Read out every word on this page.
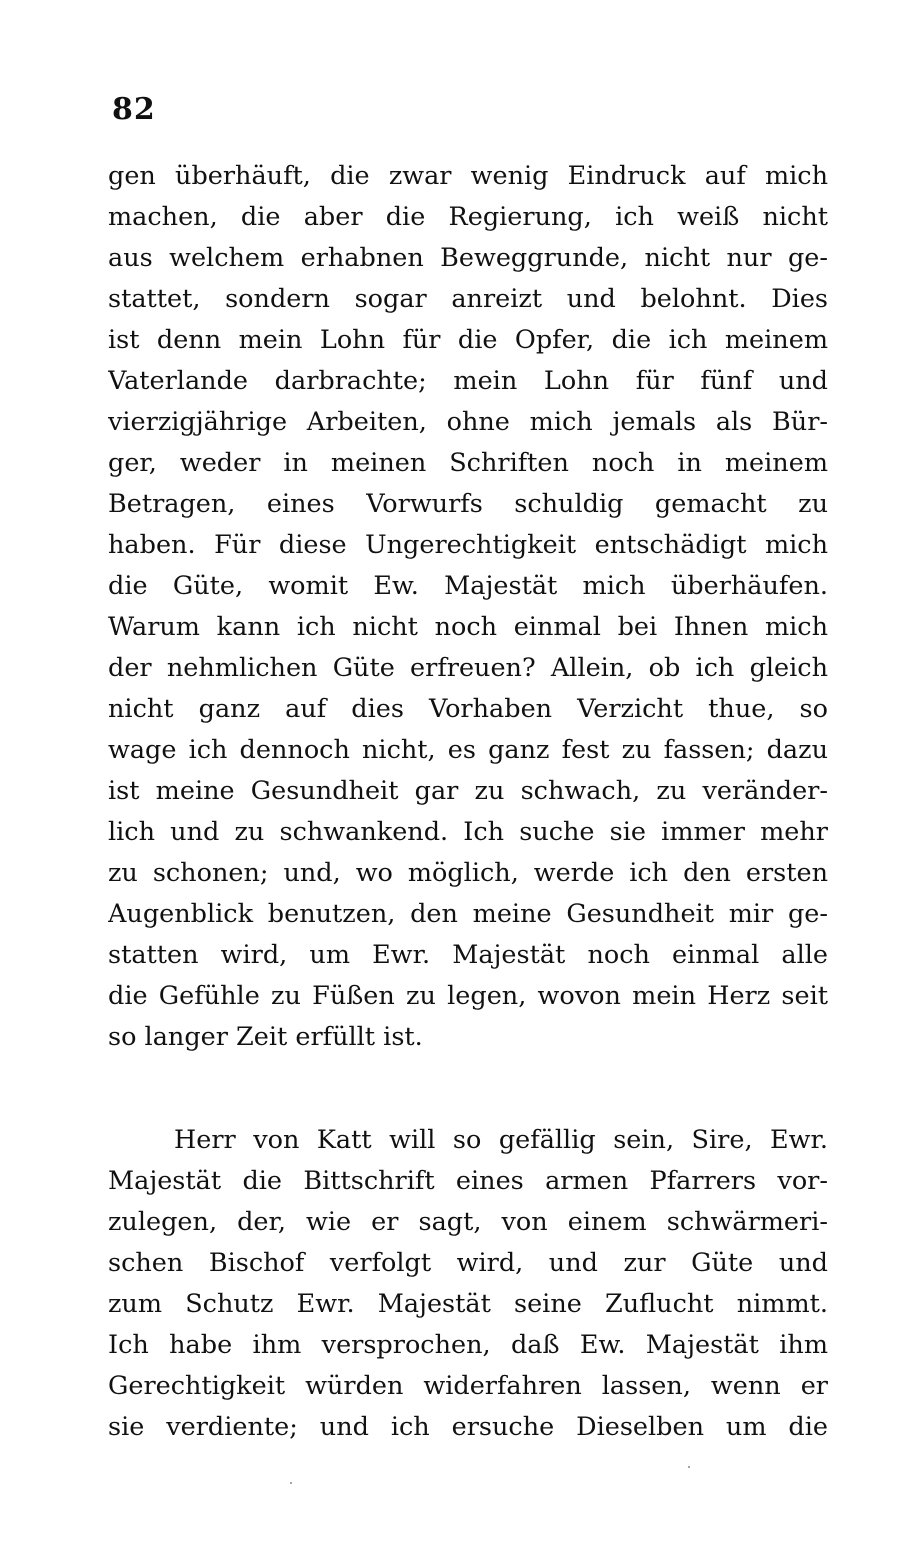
82
gen überhäuft, die zwar wenig Eindruck auf mich
machen, die aber die Regierung, ich weiß nicht
aus welchem erhabnen Beweggrunde, nicht nur ge-
stattet, sondern sogar anreizt und belohnt. Dies
ist denn mein Lohn für die Opfer, die ich meinem
Vaterlande darbrachte; mein Lohn für fünf und
vierzigjährige Arbeiten, ohne mich jemals als Bür-
ger, weder in meinen Schriften noch in meinem
Betragen, eines Vorwurfs schuldig gemacht zu
haben. Für diese Ungerechtigkeit entschädigt mich
die Güte, womit Ew. Majestät mich überhäufen.
Warum kann ich nicht noch einmal bei Ihnen mich
der nehmlichen Güte erfreuen? Allein, ob ich gleich
nicht ganz auf dies Vorhaben Verzicht thue, so
wage ich dennoch nicht, es ganz fest zu fassen; dazu
ist meine Gesundheit gar zu schwach, zu veränder-
lich und zu schwankend. Ich suche sie immer mehr
zu schonen; und, wo möglich, werde ich den ersten
Augenblick benutzen, den meine Gesundheit mir ge-
statten wird, um Ewr. Majestät noch einmal alle
die Gefühle zu Füßen zu legen, wovon mein Herz seit
so langer Zeit erfüllt ist.
Herr von Katt will so gefällig sein, Sire, Ewr.
Majestät die Bittschrift eines armen Pfarrers vor-
zulegen, der, wie er sagt, von einem schwärmeri-
schen Bischof verfolgt wird, und zur Güte und
zum Schutz Ewr. Majestät seine Zuflucht nimmt.
Ich habe ihm versprochen, daß Ew. Majestät ihm
Gerechtigkeit würden widerfahren lassen, wenn er
sie verdiente; und ich ersuche Dieselben um die
